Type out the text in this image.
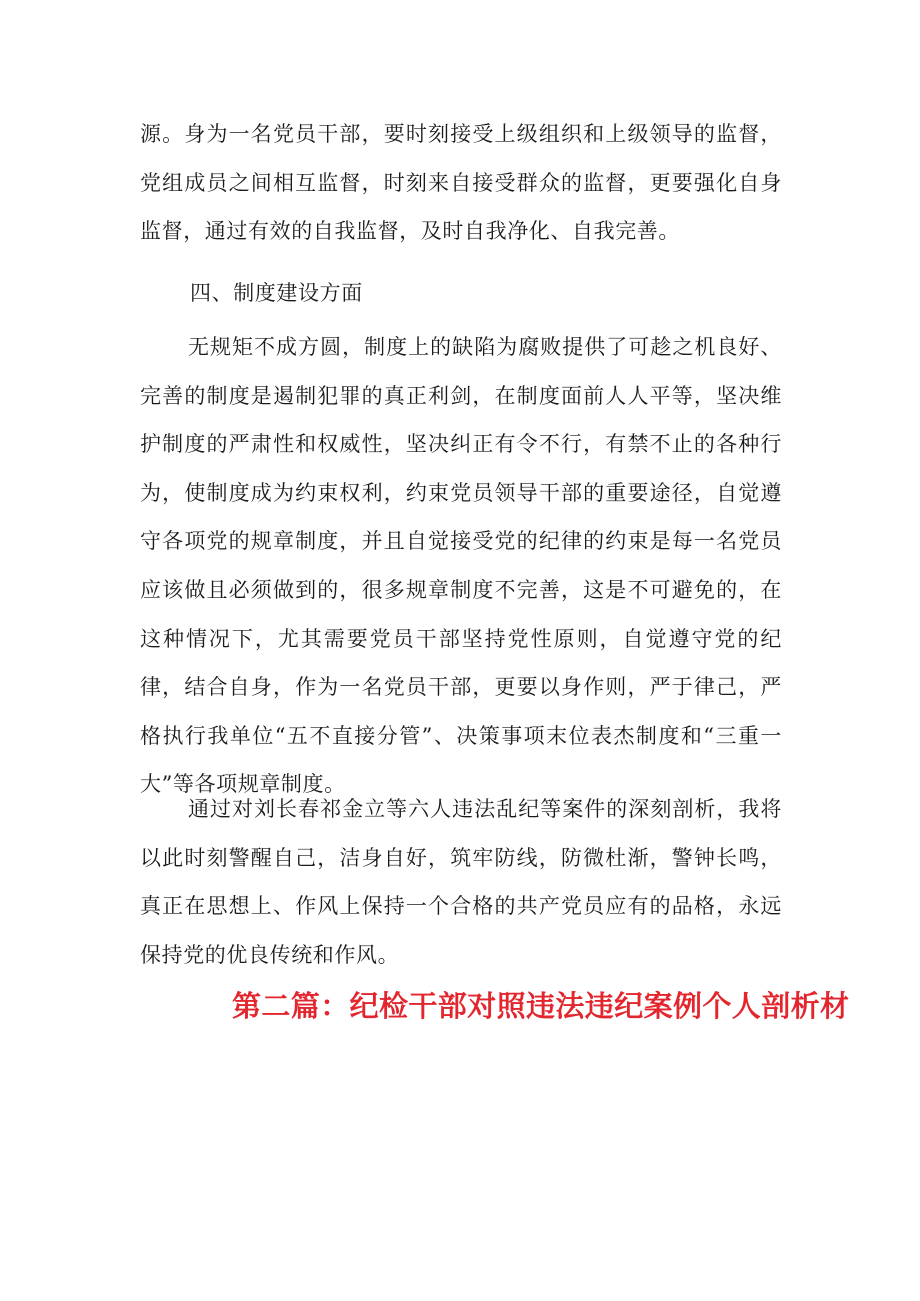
源。身为一名党员干部，要时刻接受上级组织和上级领导的监督，党组成员之间相互监督，时刻来自接受群众的监督，更要强化自身监督，通过有效的自我监督，及时自我净化、自我完善。

四、制度建设方面

无规矩不成方圆，制度上的缺陷为腐败提供了可趁之机良好、完善的制度是遏制犯罪的真正利剑，在制度面前人人平等，坚决维护制度的严肃性和权威性，坚决纠正有令不行，有禁不止的各种行为，使制度成为约束权利，约束党员领导干部的重要途径，自觉遵守各项党的规章制度，并且自觉接受党的纪律的约束是每一名党员应该做且必须做到的，很多规章制度不完善，这是不可避免的，在这种情况下，尤其需要党员干部坚持党性原则，自觉遵守党的纪律，结合自身，作为一名党员干部，更要以身作则，严于律己，严格执行我单位“五不直接分管”、决策事项末位表杰制度和“三重一大”等各项规章制度。

通过对刘长春祁金立等六人违法乱纪等案件的深刻剖析，我将以此时刻警醒自己，洁身自好，筑牢防线，防微杜渐，警钟长鸣，真正在思想上、作风上保持一个合格的共产党员应有的品格，永远保持党的优良传统和作风。

第二篇：纪检干部对照违法违纪案例个人剖析材
